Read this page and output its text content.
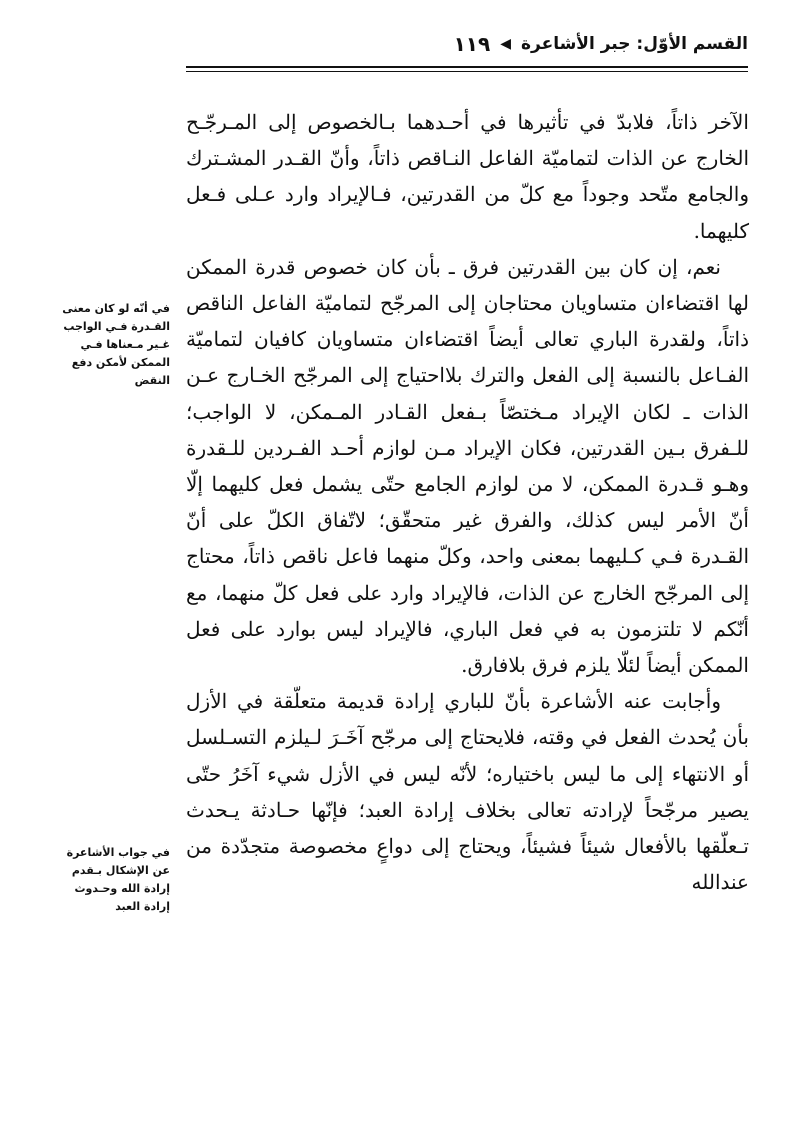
القسم الأوّل: جبر الأشاعرة
◀
١١٩

الآخر ذاتاً، فلابدّ في تأثيرها في أحـدهما بـالخصوص إلى المـرجّـح الخارج عن الذات لتماميّة الفاعل النـاقص ذاتاً، وأنّ القـدر المشـترك والجامع متّحد وجوداً مع كلّ من القدرتين، فـالإيراد وارد عـلى فـعل كليهما.

نعم، إن كان بين القدرتين فرق ـ بأن كان خصوص قدرة الممكن لها اقتضاءان متساويان محتاجان إلى المرجّح لتماميّة الفاعل الناقص ذاتاً، ولقدرة الباري تعالى أيضاً اقتضاءان متساويان كافيان لتماميّة الفـاعل بالنسبة إلى الفعل والترك بلااحتياج إلى المرجّح الخـارج عـن الذات ـ لكان الإيراد مـختصّاً بـفعل القـادر المـمكن، لا الواجب؛ للـفرق بـين القدرتين، فكان الإيراد مـن لوازم أحـد الفـردين للـقدرة وهـو قـدرة الممكن، لا من لوازم الجامع حتّى يشمل فعل كليهما إلّا أنّ الأمر ليس كذلك، والفرق غير متحقّق؛ لاتّفاق الكلّ على أنّ القـدرة فـي كـليهما بمعنى واحد، وكلّ منهما فاعل ناقص ذاتاً، محتاج إلى المرجّح الخارج عن الذات، فالإيراد وارد على فعل كلّ منهما، مع أنّكم لا تلتزمون به في فعل الباري، فالإيراد ليس بوارد على فعل الممكن أيضاً لئلّا يلزم فرق بلافارق.

وأجابت عنه الأشاعرة بأنّ للباري إرادة قديمة متعلّقة في الأزل بأن يُحدث الفعل في وقته، فلايحتاج إلى مرجّح آخَـرَ لـيلزم التسـلسل أو الانتهاء إلى ما ليس باختياره؛ لأنّه ليس في الأزل شيء آخَرُ حتّى يصير مرجّحاً لإرادته تعالى بخلاف إرادة العبد؛ فإنّها حـادثة يـحدث تـعلّقها بالأفعال شيئاً فشيئاً، ويحتاج إلى دواعٍ مخصوصة متجدّدة من عندالله

في أنّه لو كان معنى القـدرة فـي الواجب غـير مـعناها فـي الممكن لأمكن دفع النقض
في جواب الأشاعرة عن الإشكال بـقدم إرادة الله وحـدوث إرادة العبد
